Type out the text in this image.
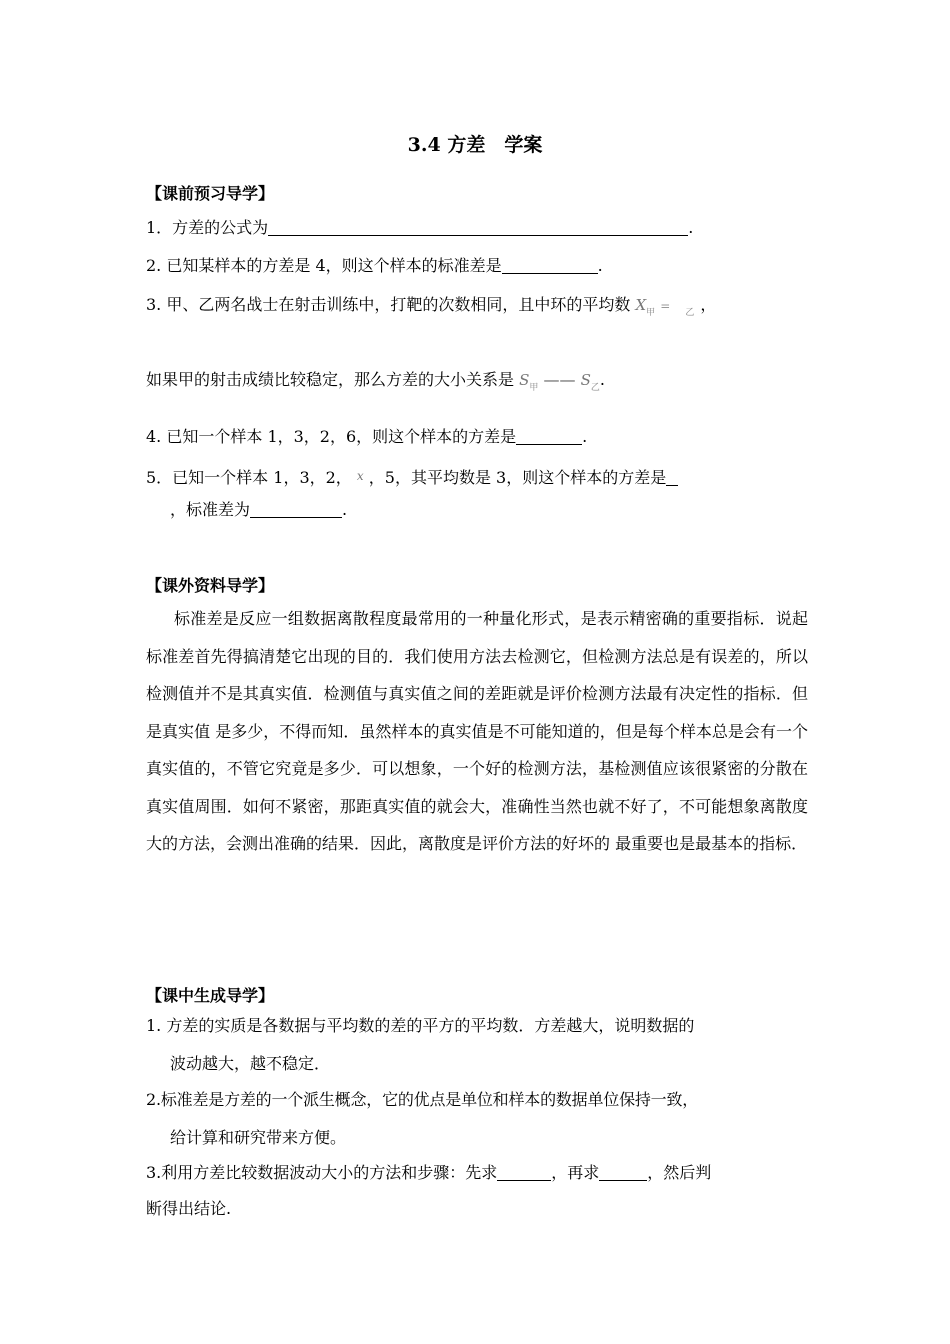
3.4 方差　学案
【课前预习导学】
1．方差的公式为	.
2. 已知某样本的方差是 4，则这个样本的标准差是	.
3. 甲、乙两名战士在射击训练中，打靶的次数相同，且中环的平均数 $X_甲 = _乙$ ，
如果甲的射击成绩比较稳定，那么方差的大小关系是 $S_甲$ —— $S_乙$.
4. 已知一个样本 1，3，2，6，则这个样本的方差是	.
5．已知一个样本 1，3，2， x ，5，其平均数是 3，则这个样本的方差是
，标准差为	.
【课外资料导学】
标准差是反应一组数据离散程度最常用的一种量化形式，是表示精密确的重要指标．说起标准差首先得搞清楚它出现的目的．我们使用方法去检测它，但检测方法总是有误差的，所以检测值并不是其真实值．检测值与真实值之间的差距就是评价检测方法最有决定性的指标．但是真实值 是多少，不得而知．虽然样本的真实值是不可能知道的，但是每个样本总是会有一个真实值的，不管它究竟是多少．可以想象，一个好的检测方法，基检测值应该很紧密的分散在真实值周围．如何不紧密，那距真实值的就会大，准确性当然也就不好了，不可能想象离散度大的方法，会测出准确的结果．因此，离散度是评价方法的好坏的 最重要也是最基本的指标．
【课中生成导学】
1. 方差的实质是各数据与平均数的差的平方的平均数．方差越大，说明数据的
波动越大，越不稳定．
2.标准差是方差的一个派生概念，它的优点是单位和样本的数据单位保持一致，
给计算和研究带来方便。
3.利用方差比较数据波动大小的方法和步骤：先求	，再求	，然后判
断得出结论.
